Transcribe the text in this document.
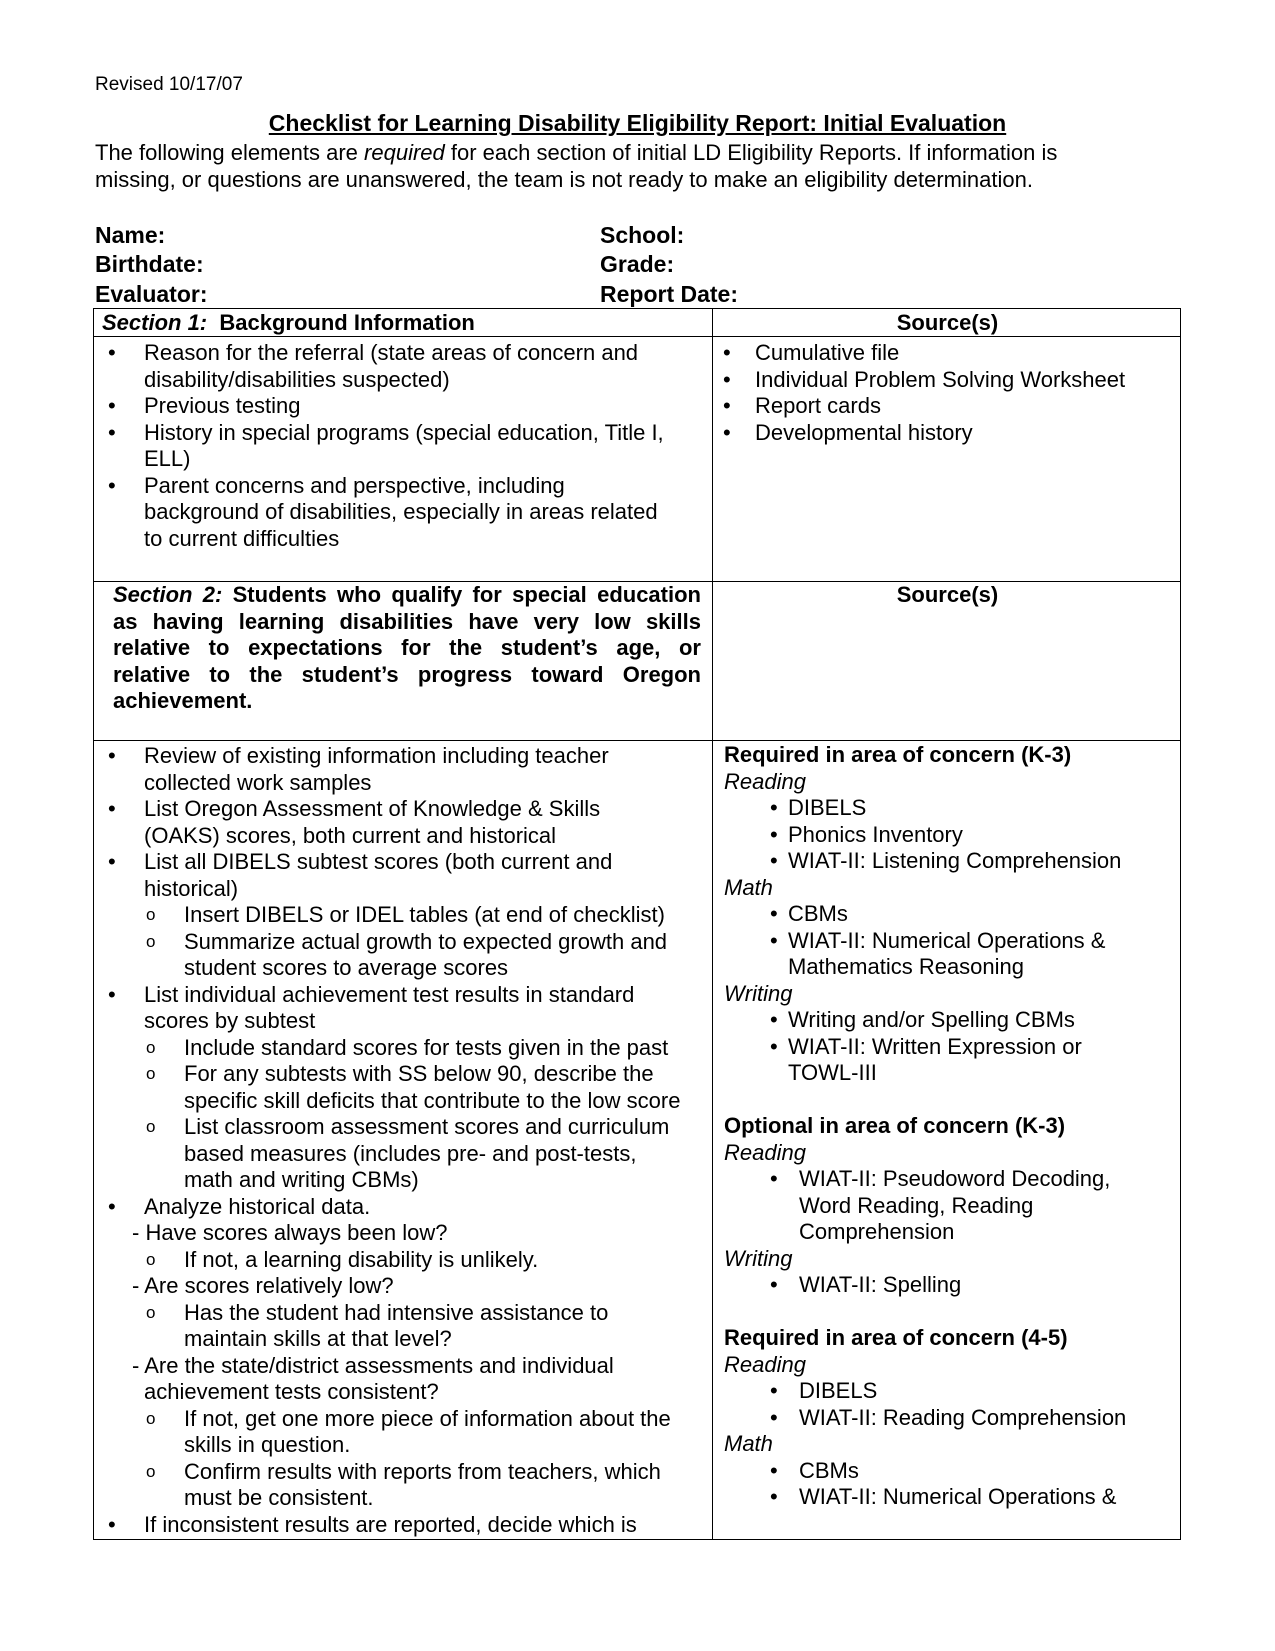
Revised 10/17/07
Checklist for Learning Disability Eligibility Report: Initial Evaluation
The following elements are required for each section of initial LD Eligibility Reports. If information is
missing, or questions are unanswered, the team is not ready to make an eligibility determination.
Name:
Birthdate:
Evaluator:
School:
Grade:
Report Date:
Section 1:  Background Information	Source(s)
• Reason for the referral (state areas of concern and
disability/disabilities suspected)
• Previous testing
• History in special programs (special education, Title I,
ELL)
• Parent concerns and perspective, including
background of disabilities, especially in areas related
to current difficulties
• Cumulative file
• Individual Problem Solving Worksheet
• Report cards
• Developmental history
Section 2: Students who qualify for special education
as having learning disabilities have very low skills
relative to expectations for the student’s age, or
relative to the student’s progress toward Oregon
achievement.
Source(s)
• Review of existing information including teacher
collected work samples
• List Oregon Assessment of Knowledge & Skills
(OAKS) scores, both current and historical
• List all DIBELS subtest scores (both current and
historical)
o Insert DIBELS or IDEL tables (at end of checklist)
o Summarize actual growth to expected growth and
student scores to average scores
• List individual achievement test results in standard
scores by subtest
o Include standard scores for tests given in the past
o For any subtests with SS below 90, describe the
specific skill deficits that contribute to the low score
o List classroom assessment scores and curriculum
based measures (includes pre- and post-tests,
math and writing CBMs)
• Analyze historical data.
- Have scores always been low?
o If not, a learning disability is unlikely.
- Are scores relatively low?
o Has the student had intensive assistance to
maintain skills at that level?
- Are the state/district assessments and individual
achievement tests consistent?
o If not, get one more piece of information about the
skills in question.
o Confirm results with reports from teachers, which
must be consistent.
• If inconsistent results are reported, decide which is
Required in area of concern (K-3)
Reading
• DIBELS
• Phonics Inventory
• WIAT-II: Listening Comprehension
Math
• CBMs
• WIAT-II: Numerical Operations &
Mathematics Reasoning
Writing
• Writing and/or Spelling CBMs
• WIAT-II: Written Expression or
TOWL-III
Optional in area of concern (K-3)
Reading
• WIAT-II: Pseudoword Decoding,
Word Reading, Reading
Comprehension
Writing
• WIAT-II: Spelling
Required in area of concern (4-5)
Reading
• DIBELS
• WIAT-II: Reading Comprehension
Math
• CBMs
• WIAT-II: Numerical Operations &
